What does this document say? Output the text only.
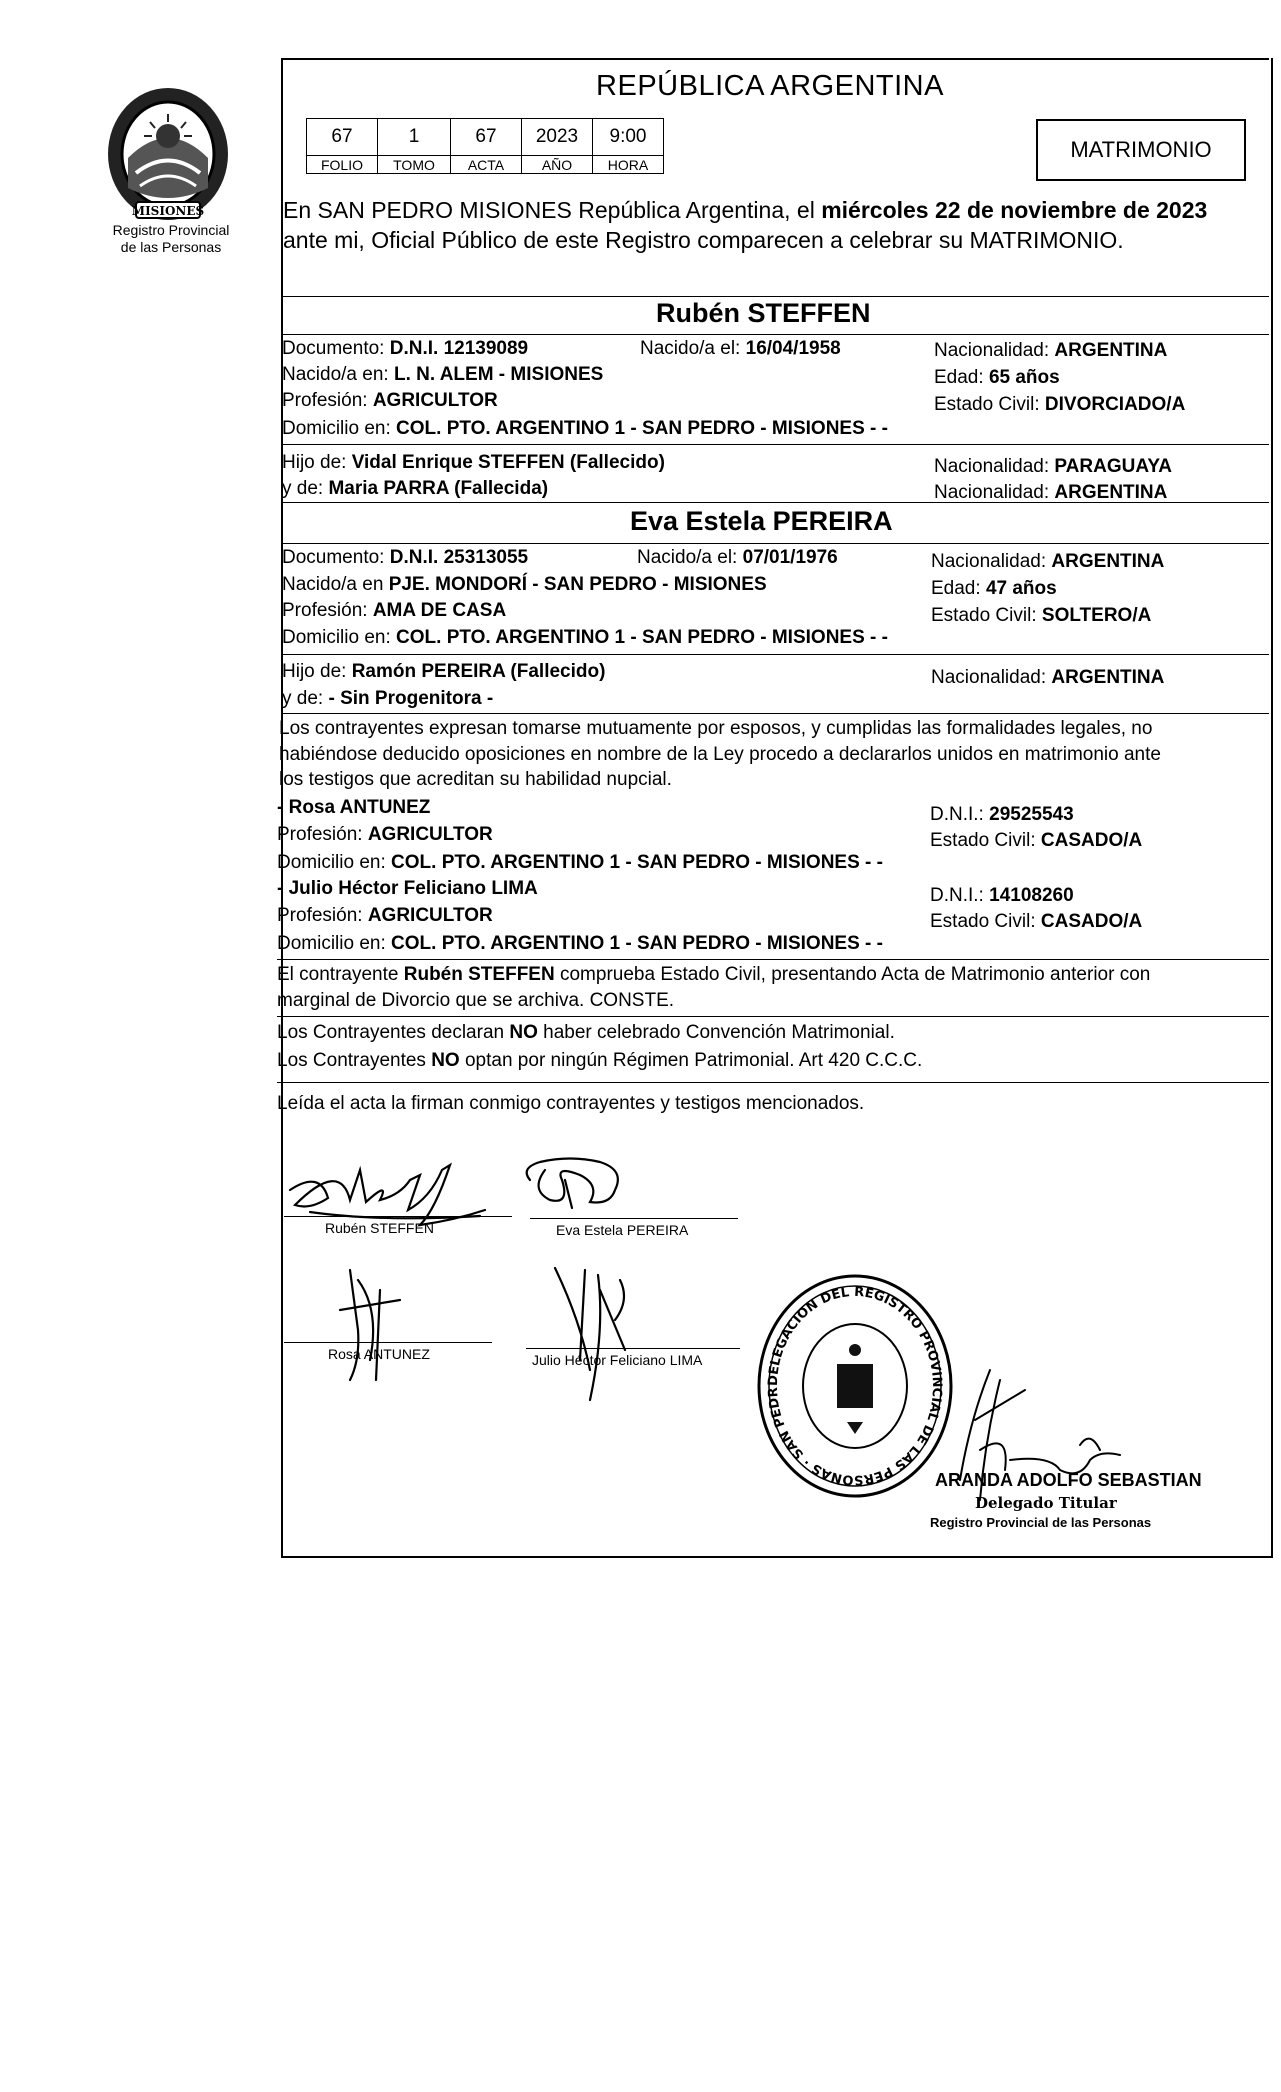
MISIONES
Registro Provincial
de las Personas
REPÚBLICA ARGENTINA
67	1	67	2023	9:00
FOLIO	TOMO	ACTA	AÑO	HORA
MATRIMONIO
En SAN PEDRO MISIONES República Argentina, el miércoles 22 de noviembre de 2023
ante mi, Oficial Público de este Registro comparecen a celebrar su MATRIMONIO.
Rubén STEFFEN
Documento: D.N.I. 12139089	Nacido/a el: 16/04/1958	Nacionalidad: ARGENTINA
Nacido/a en: L. N. ALEM - MISIONES	Edad: 65 años
Profesión: AGRICULTOR	Estado Civil: DIVORCIADO/A
Domicilio en: COL. PTO. ARGENTINO 1 - SAN PEDRO - MISIONES - -
Hijo de: Vidal Enrique STEFFEN (Fallecido)	Nacionalidad: PARAGUAYA
y de: Maria PARRA (Fallecida)	Nacionalidad: ARGENTINA
Eva Estela PEREIRA
Documento: D.N.I. 25313055	Nacido/a el: 07/01/1976	Nacionalidad: ARGENTINA
Nacido/a en PJE. MONDORÍ - SAN PEDRO - MISIONES	Edad: 47 años
Profesión: AMA DE CASA	Estado Civil: SOLTERO/A
Domicilio en: COL. PTO. ARGENTINO 1 - SAN PEDRO - MISIONES - -
Hijo de: Ramón PEREIRA (Fallecido)	Nacionalidad: ARGENTINA
y de: - Sin Progenitora -
Los contrayentes expresan tomarse mutuamente por esposos, y cumplidas las formalidades legales, no
habiéndose deducido oposiciones en nombre de la Ley procedo a declararlos unidos en matrimonio ante
los testigos que acreditan su habilidad nupcial.
- Rosa ANTUNEZ	D.N.I.: 29525543
Profesión: AGRICULTOR	Estado Civil: CASADO/A
Domicilio en: COL. PTO. ARGENTINO 1 - SAN PEDRO - MISIONES - -
- Julio Héctor Feliciano LIMA	D.N.I.: 14108260
Profesión: AGRICULTOR	Estado Civil: CASADO/A
Domicilio en: COL. PTO. ARGENTINO 1 - SAN PEDRO - MISIONES - -
El contrayente Rubén STEFFEN comprueba Estado Civil, presentando Acta de Matrimonio anterior con
marginal de Divorcio que se archiva. CONSTE.
Los Contrayentes declaran NO haber celebrado Convención Matrimonial.
Los Contrayentes NO optan por ningún Régimen Patrimonial. Art 420 C.C.C.
Leída el acta la firman conmigo contrayentes y testigos mencionados.
Rubén STEFFEN	Eva Estela PEREIRA
Rosa ANTUNEZ	Julio Héctor Feliciano LIMA
DELEGACION DEL REGISTRO PROVINCIAL DE LAS PERSONAS · SAN PEDR
ARANDA ADOLFO SEBASTIAN
Delegado Titular
Registro Provincial de las Personas
